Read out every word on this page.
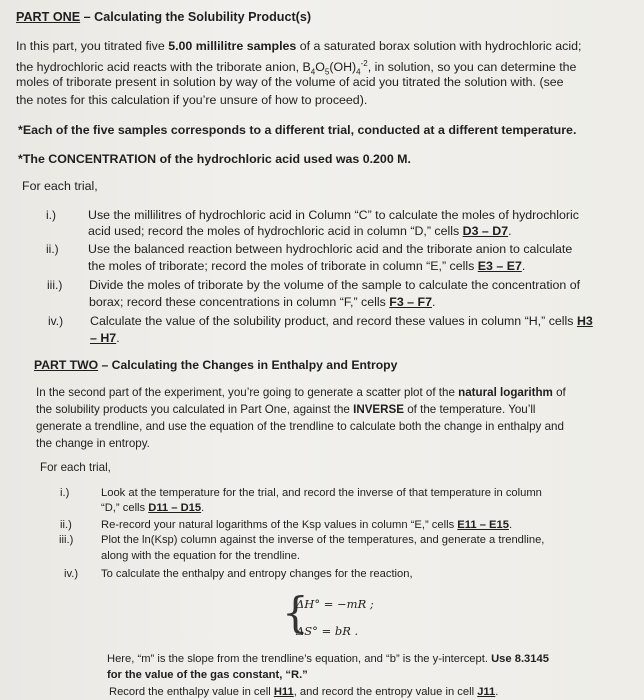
PART ONE – Calculating the Solubility Product(s)
In this part, you titrated five 5.00 millilitre samples of a saturated borax solution with hydrochloric acid;
the hydrochloric acid reacts with the triborate anion, $B_4O_5(OH)_4^{-2}$, in solution, so you can determine the
moles of triborate present in solution by way of the volume of acid you titrated the solution with. (see
the notes for this calculation if you’re unsure of how to proceed).
*Each of the five samples corresponds to a different trial, conducted at a different temperature.
*The CONCENTRATION of the hydrochloric acid used was 0.200 M.
For each trial,
i.)	Use the millilitres of hydrochloric acid in Column “C” to calculate the moles of hydrochloric
acid used; record the moles of hydrochloric acid in column “D,” cells D3 – D7.
ii.) Use the balanced reaction between hydrochloric acid and the triborate anion to calculate
the moles of triborate; record the moles of triborate in column “E,” cells E3 – E7.
iii.) Divide the moles of triborate by the volume of the sample to calculate the concentration of
borax; record these concentrations in column “F,” cells F3 – F7.
iv.) Calculate the value of the solubility product, and record these values in column “H,” cells H3
– H7.
PART TWO – Calculating the Changes in Enthalpy and Entropy
In the second part of the experiment, you’re going to generate a scatter plot of the natural logarithm of
the solubility products you calculated in Part One, against the INVERSE of the temperature. You’ll
generate a trendline, and use the equation of the trendline to calculate both the change in enthalpy and
the change in entropy.
For each trial,
i.)	Look at the temperature for the trial, and record the inverse of that temperature in column
“D,” cells D11 – D15.
ii.)	Re-record your natural logarithms of the Ksp values in column “E,” cells E11 – E15.
iii.) Plot the ln(Ksp) column against the inverse of the temperatures, and generate a trendline,
along with the equation for the trendline.
iv.) To calculate the enthalpy and entropy changes for the reaction,
{
ΔH° = −mR ;
ΔS° = bR .
Here, “m” is the slope from the trendline’s equation, and “b” is the y-intercept. Use 8.3145
for the value of the gas constant, “R.”
Record the enthalpy value in cell H11, and record the entropy value in cell J11.
